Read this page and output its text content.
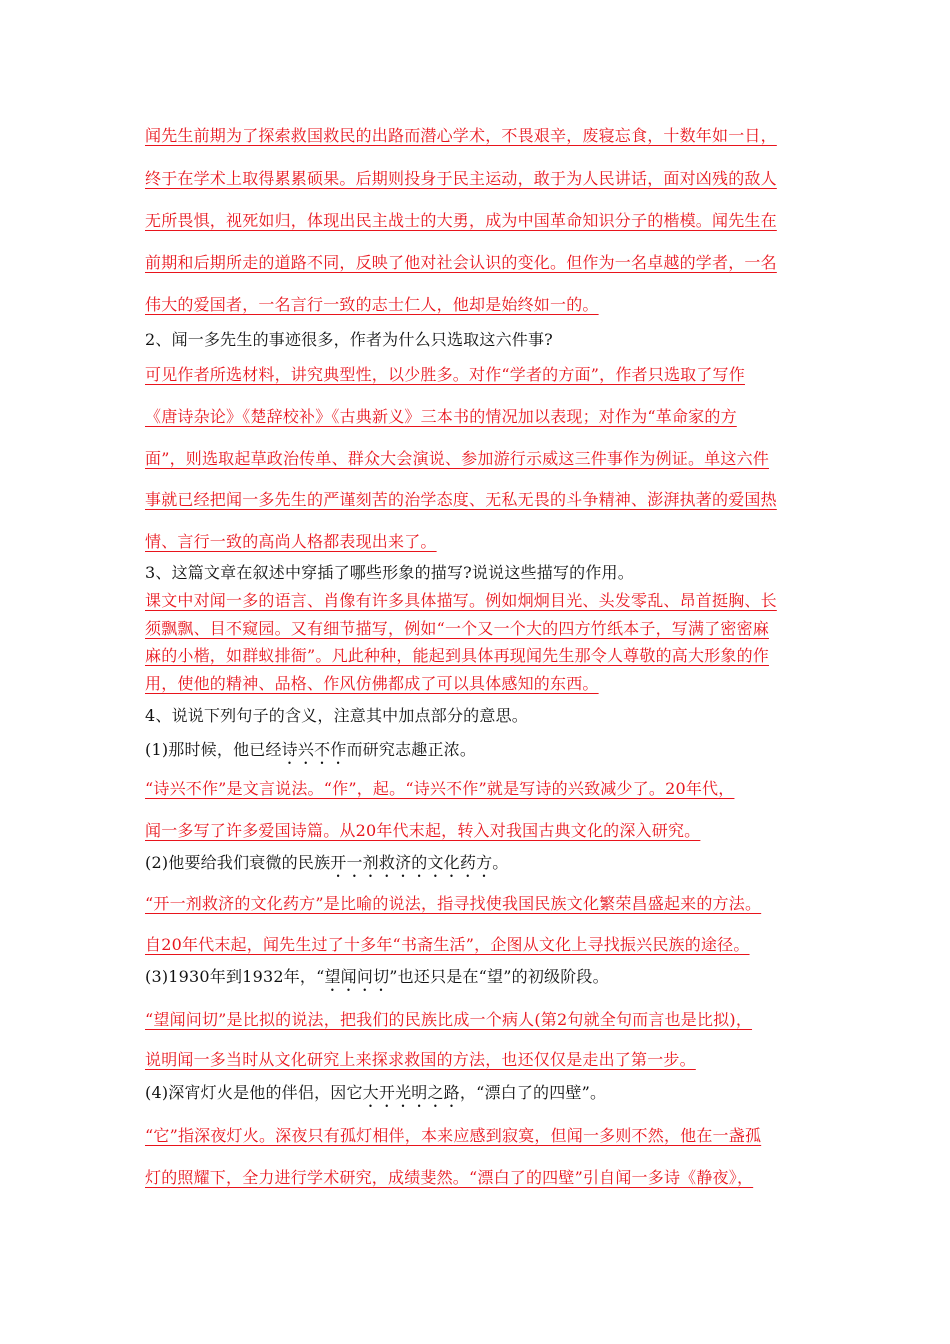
闻先生前期为了探索救国救民的出路而潜心学术，不畏艰辛，废寝忘食，十数年如一日，
终于在学术上取得累累硕果。后期则投身于民主运动，敢于为人民讲话，面对凶残的敌人
无所畏惧，视死如归，体现出民主战士的大勇，成为中国革命知识分子的楷模。闻先生在
前期和后期所走的道路不同，反映了他对社会认识的变化。但作为一名卓越的学者，一名
伟大的爱国者，一名言行一致的志士仁人，他却是始终如一的。
2、闻一多先生的事迹很多，作者为什么只选取这六件事?
可见作者所选材料，讲究典型性，以少胜多。对作“学者的方面”，作者只选取了写作
《唐诗杂论》《楚辞校补》《古典新义》三本书的情况加以表现；对作为“革命家的方
面”，则选取起草政治传单、群众大会演说、参加游行示威这三件事作为例证。单这六件
事就已经把闻一多先生的严谨刻苦的治学态度、无私无畏的斗争精神、澎湃执著的爱国热
情、言行一致的高尚人格都表现出来了。
3、这篇文章在叙述中穿插了哪些形象的描写?说说这些描写的作用。
课文中对闻一多的语言、肖像有许多具体描写。例如炯炯目光、头发零乱、昂首挺胸、长
须飘飘、目不窥园。又有细节描写，例如“一个又一个大的四方竹纸本子，写满了密密麻
麻的小楷，如群蚁排衙”。凡此种种，能起到具体再现闻先生那令人尊敬的高大形象的作
用，使他的精神、品格、作风仿佛都成了可以具体感知的东西。
4、说说下列句子的含义，注意其中加点部分的意思。
(1)那时候，他已经诗兴不作而研究志趣正浓。
“诗兴不作”是文言说法。“作”，起。“诗兴不作”就是写诗的兴致减少了。20年代，
闻一多写了许多爱国诗篇。从20年代末起，转入对我国古典文化的深入研究。
(2)他要给我们衰微的民族开一剂救济的文化药方。
“开一剂救济的文化药方”是比喻的说法，指寻找使我国民族文化繁荣昌盛起来的方法。
自20年代末起，闻先生过了十多年“书斋生活”，企图从文化上寻找振兴民族的途径。
(3)1930年到1932年，“望闻问切”也还只是在“望”的初级阶段。
“望闻问切”是比拟的说法，把我们的民族比成一个病人(第2句就全句而言也是比拟)，
说明闻一多当时从文化研究上来探求救国的方法，也还仅仅是走出了第一步。
(4)深宵灯火是他的伴侣，因它大开光明之路，“漂白了的四壁”。
“它”指深夜灯火。深夜只有孤灯相伴，本来应感到寂寞，但闻一多则不然，他在一盏孤
灯的照耀下，全力进行学术研究，成绩斐然。“漂白了的四壁”引自闻一多诗《静夜》，
